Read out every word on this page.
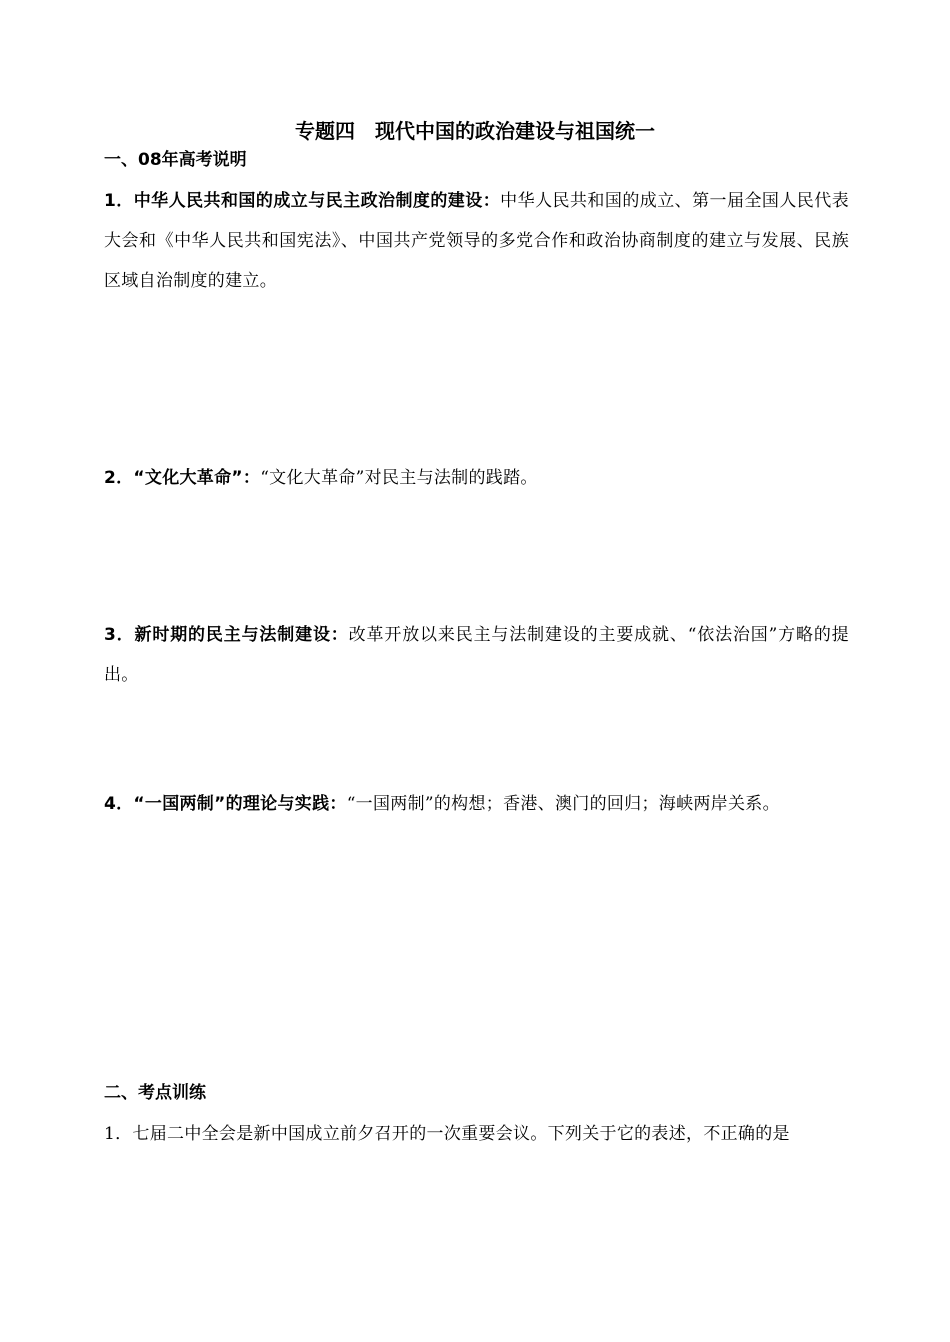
专题四　现代中国的政治建设与祖国统一
一、08年高考说明
1．中华人民共和国的成立与民主政治制度的建设：中华人民共和国的成立、第一届全国人民代表大会和《中华人民共和国宪法》、中国共产党领导的多党合作和政治协商制度的建立与发展、民族区域自治制度的建立。
2．“文化大革命”：“文化大革命”对民主与法制的践踏。
3．新时期的民主与法制建设：改革开放以来民主与法制建设的主要成就、“依法治国”方略的提出。
4．“一国两制”的理论与实践：“一国两制”的构想；香港、澳门的回归；海峡两岸关系。
二、考点训练
1．七届二中全会是新中国成立前夕召开的一次重要会议。下列关于它的表述，不正确的是
